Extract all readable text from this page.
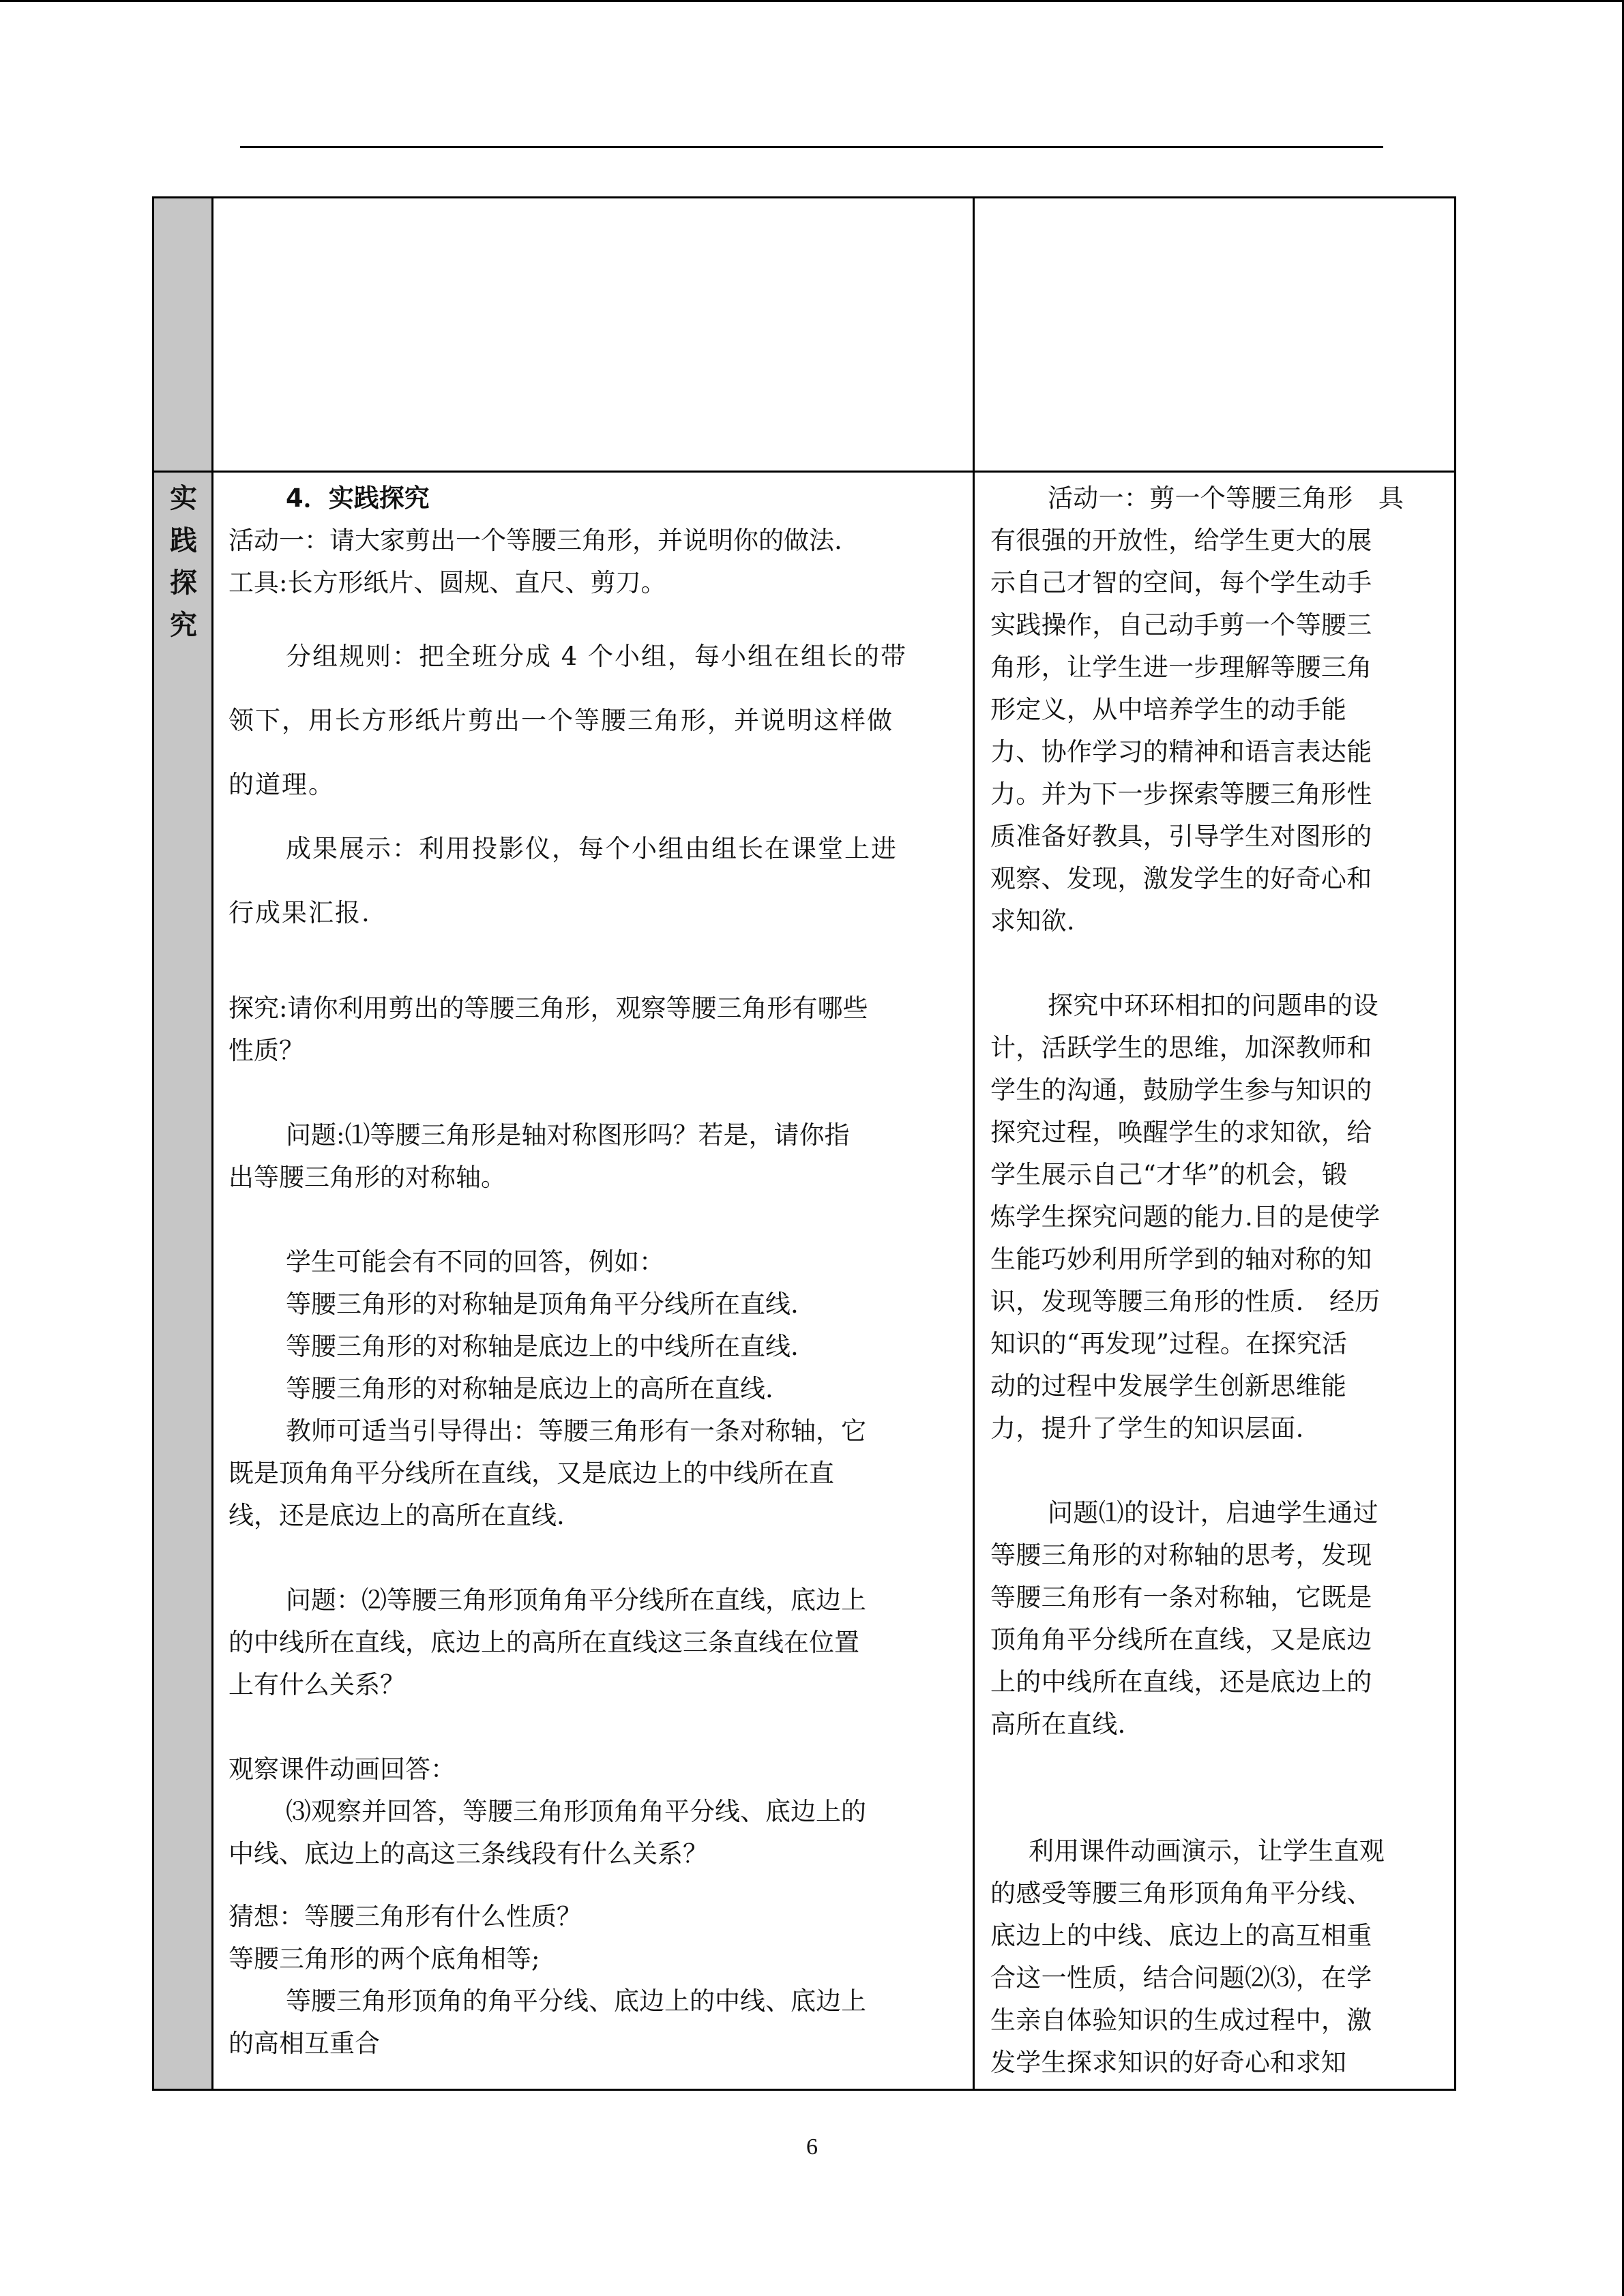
实
践
探
究
4．实践探究
活动一：请大家剪出一个等腰三角形，并说明你的做法.
工具:长方形纸片、圆规、直尺、剪刀。
分组规则：把全班分成 4 个小组，每小组在组长的带
领下，用长方形纸片剪出一个等腰三角形，并说明这样做
的道理。
成果展示：利用投影仪，每个小组由组长在课堂上进
行成果汇报.
探究:请你利用剪出的等腰三角形，观察等腰三角形有哪些
性质？
问题:⑴等腰三角形是轴对称图形吗？若是，请你指
出等腰三角形的对称轴。
学生可能会有不同的回答，例如：
等腰三角形的对称轴是顶角角平分线所在直线.
等腰三角形的对称轴是底边上的中线所在直线.
等腰三角形的对称轴是底边上的高所在直线.
教师可适当引导得出：等腰三角形有一条对称轴，它
既是顶角角平分线所在直线，又是底边上的中线所在直
线，还是底边上的高所在直线.
问题：⑵等腰三角形顶角角平分线所在直线，底边上
的中线所在直线，底边上的高所在直线这三条直线在位置
上有什么关系？
观察课件动画回答：
⑶观察并回答，等腰三角形顶角角平分线、底边上的
中线、底边上的高这三条线段有什么关系？
猜想：等腰三角形有什么性质？
等腰三角形的两个底角相等;
等腰三角形顶角的角平分线、底边上的中线、底边上
的高相互重合
活动一：剪一个等腰三角形　具
有很强的开放性，给学生更大的展
示自己才智的空间，每个学生动手
实践操作，自己动手剪一个等腰三
角形，让学生进一步理解等腰三角
形定义，从中培养学生的动手能
力、协作学习的精神和语言表达能
力。并为下一步探索等腰三角形性
质准备好教具，引导学生对图形的
观察、发现，激发学生的好奇心和
求知欲.
探究中环环相扣的问题串的设
计，活跃学生的思维，加深教师和
学生的沟通，鼓励学生参与知识的
探究过程，唤醒学生的求知欲，给
学生展示自己“才华”的机会，锻
炼学生探究问题的能力.目的是使学
生能巧妙利用所学到的轴对称的知
识，发现等腰三角形的性质.　经历
知识的“再发现”过程。在探究活
动的过程中发展学生创新思维能
力，提升了学生的知识层面.
问题⑴的设计，启迪学生通过
等腰三角形的对称轴的思考，发现
等腰三角形有一条对称轴，它既是
顶角角平分线所在直线，又是底边
上的中线所在直线，还是底边上的
高所在直线.
利用课件动画演示，让学生直观
的感受等腰三角形顶角角平分线、
底边上的中线、底边上的高互相重
合这一性质，结合问题⑵⑶，在学
生亲自体验知识的生成过程中，激
发学生探求知识的好奇心和求知
6
